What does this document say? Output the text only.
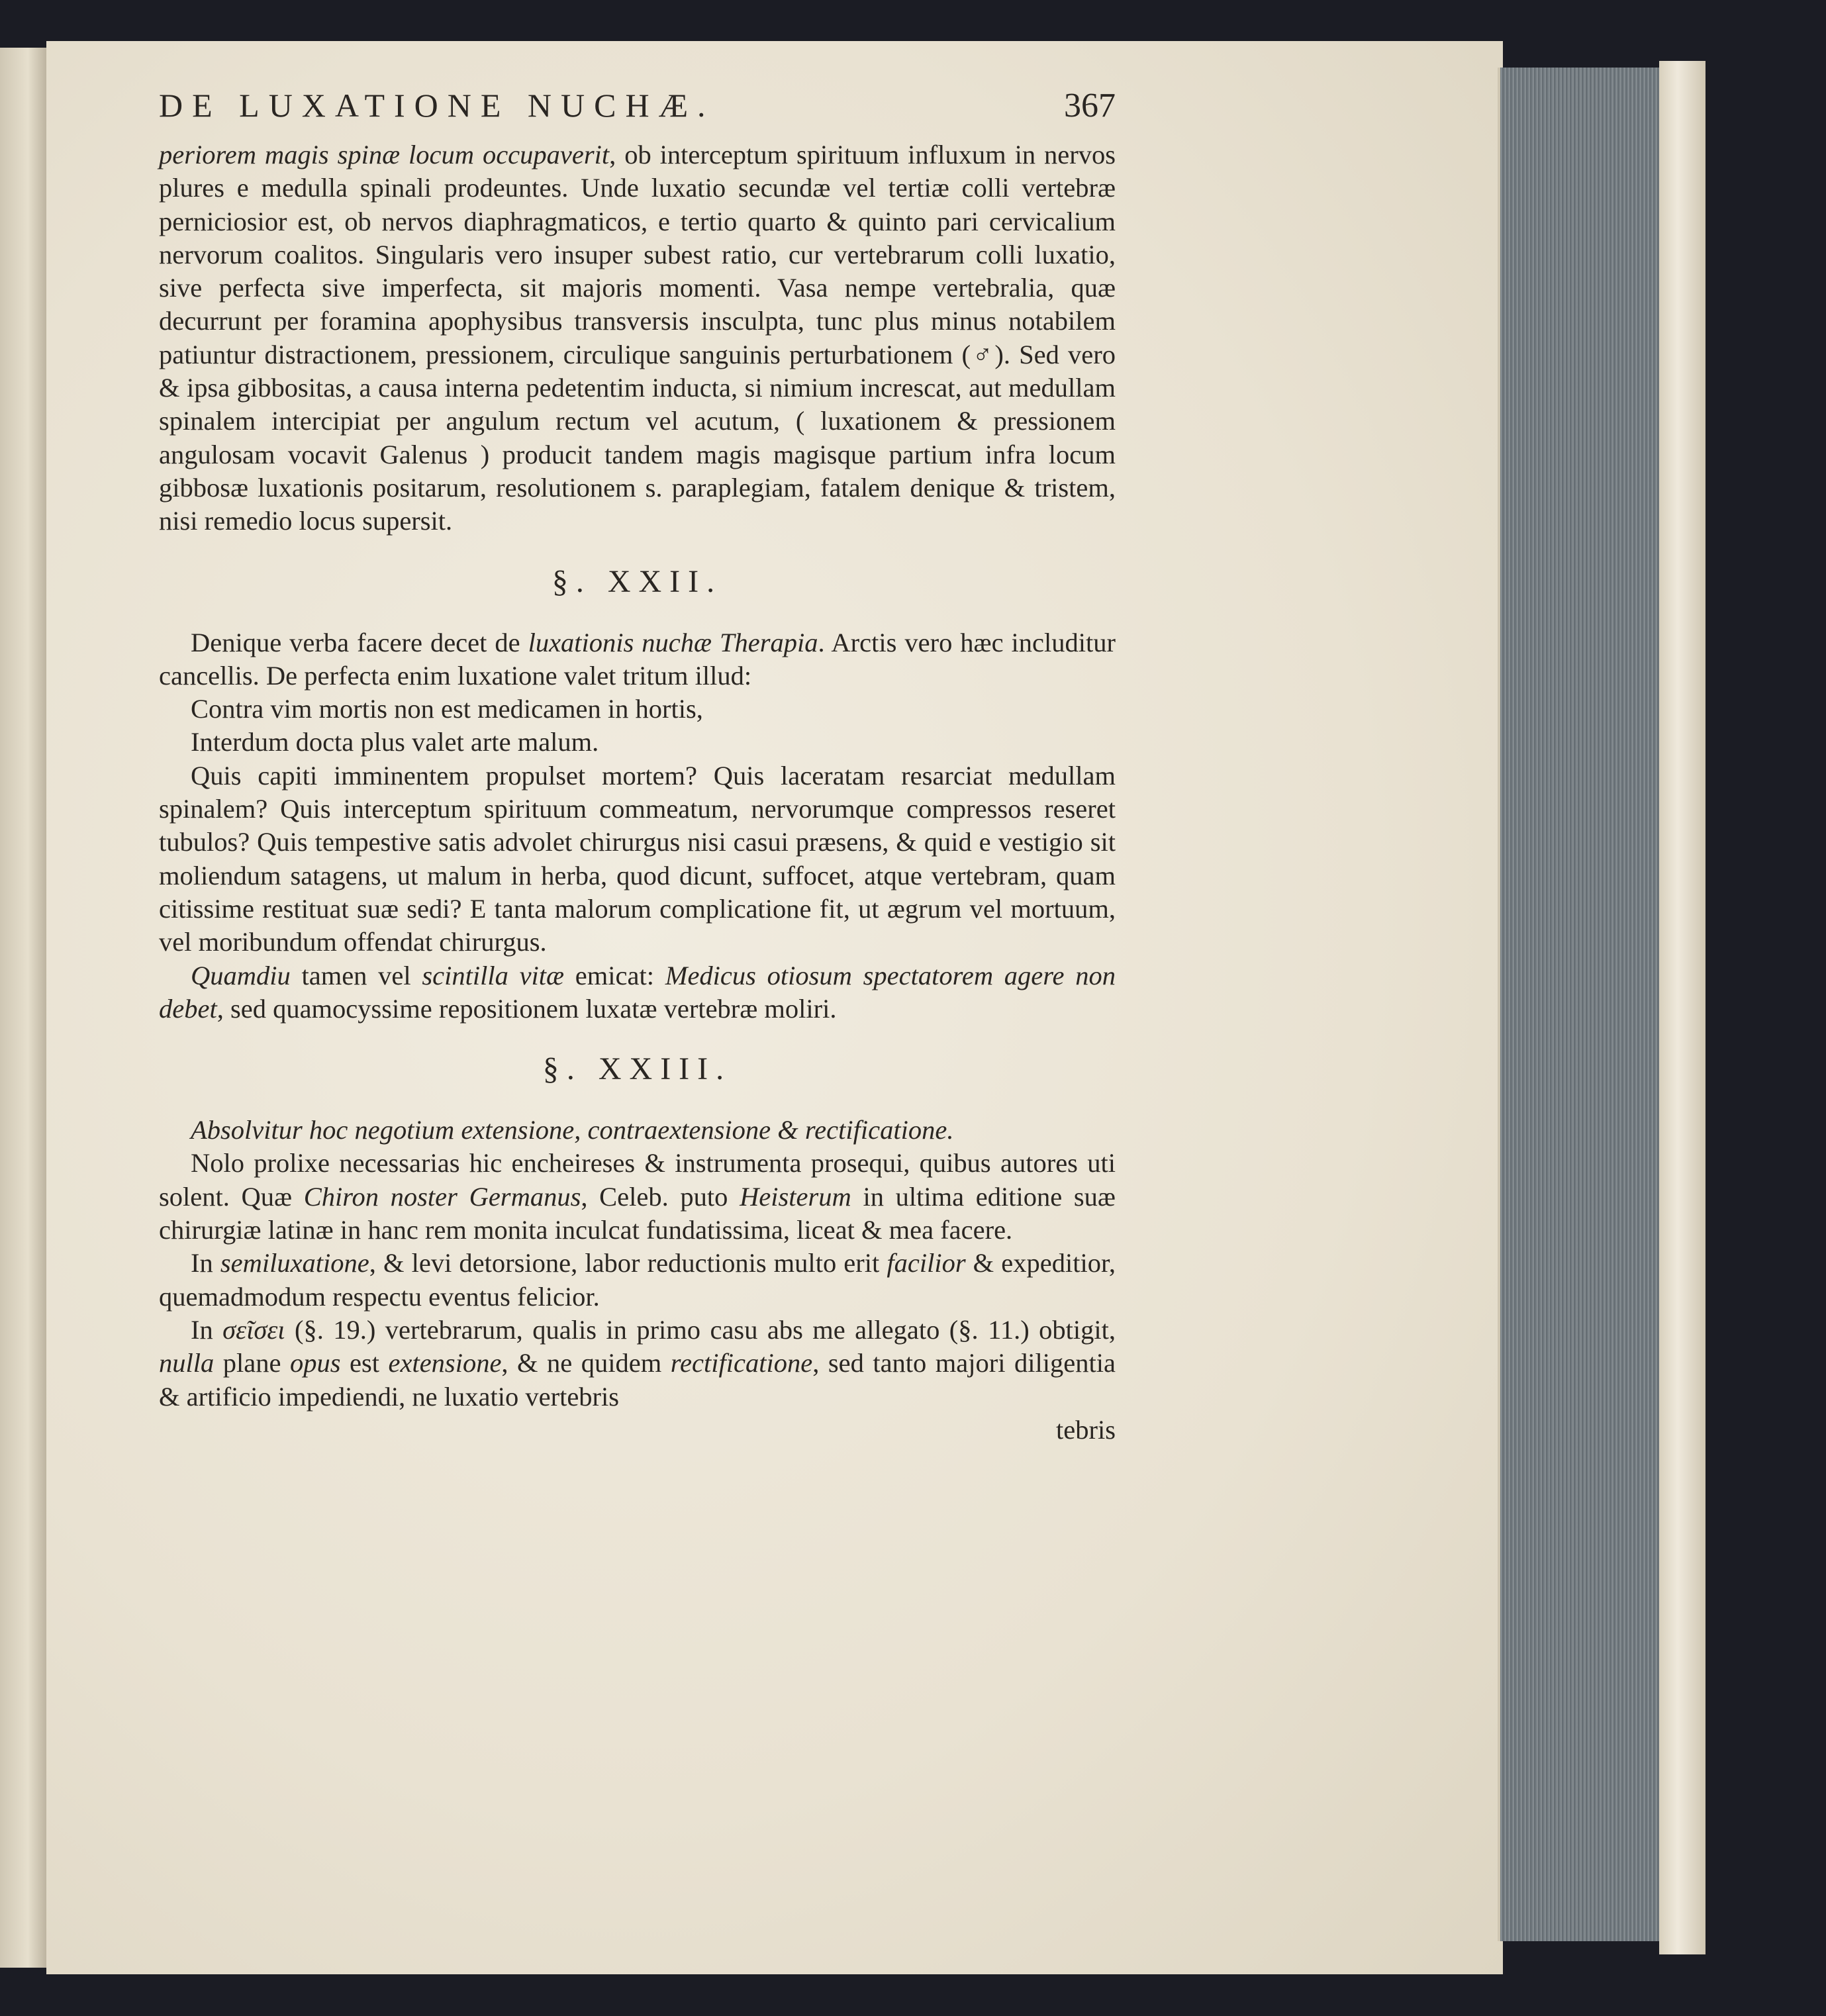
DE LUXATIONE NUCHÆ.	367

periorem magis spinæ locum occupaverit, ob interceptum spirituum influxum in nervos plures e medulla spinali prodeuntes. Unde luxatio secundæ vel tertiæ colli vertebræ perniciosior est, ob nervos diaphragmaticos, e tertio quarto & quinto pari cervicalium nervorum coalitos. Singularis vero insuper subest ratio, cur vertebrarum colli luxatio, sive perfecta sive imperfecta, sit majoris momenti. Vasa nempe vertebralia, quæ decurrunt per foramina apophysibus transversis insculpta, tunc plus minus notabilem patiuntur distractionem, pressionem, circulique sanguinis perturbationem (♂). Sed vero & ipsa gibbositas, a causa interna pedetentim inducta, si nimium increscat, aut medullam spinalem intercipiat per angulum rectum vel acutum, ( luxationem & pressionem angulosam vocavit Galenus ) producit tandem magis magisque partium infra locum gibbosæ luxationis positarum, resolutionem s. paraplegiam, fatalem denique & tristem, nisi remedio locus supersit.

§. XXII.

Denique verba facere decet de luxationis nuchæ Therapia. Arctis vero hæc includitur cancellis. De perfecta enim luxatione valet tritum illud:

Contra vim mortis non est medicamen in hortis,

Interdum docta plus valet arte malum.

Quis capiti imminentem propulset mortem? Quis laceratam resarciat medullam spinalem? Quis interceptum spirituum commeatum, nervorumque compressos reseret tubulos? Quis tempestive satis advolet chirurgus nisi casui præsens, & quid e vestigio sit moliendum satagens, ut malum in herba, quod dicunt, suffocet, atque vertebram, quam citissime restituat suæ sedi? E tanta malorum complicatione fit, ut ægrum vel mortuum, vel moribundum offendat chirurgus.

Quamdiu tamen vel scintilla vitæ emicat: Medicus otiosum spectatorem agere non debet, sed quamocyssime repositionem luxatæ vertebræ moliri.

§. XXIII.

Absolvitur hoc negotium extensione, contraextensione & rectificatione.

Nolo prolixe necessarias hic encheireses & instrumenta prosequi, quibus autores uti solent. Quæ Chiron noster Germanus, Celeb. puto Heisterum in ultima editione suæ chirurgiæ latinæ in hanc rem monita inculcat fundatissima, liceat & mea facere.

In semiluxatione, & levi detorsione, labor reductionis multo erit facilior & expeditior, quemadmodum respectu eventus felicior.

In σεῖσει (§. 19.) vertebrarum, qualis in primo casu abs me allegato (§. 11.) obtigit, nulla plane opus est extensione, & ne quidem rectificatione, sed tanto majori diligentia & artificio impediendi, ne luxatio vertebris

tebris
